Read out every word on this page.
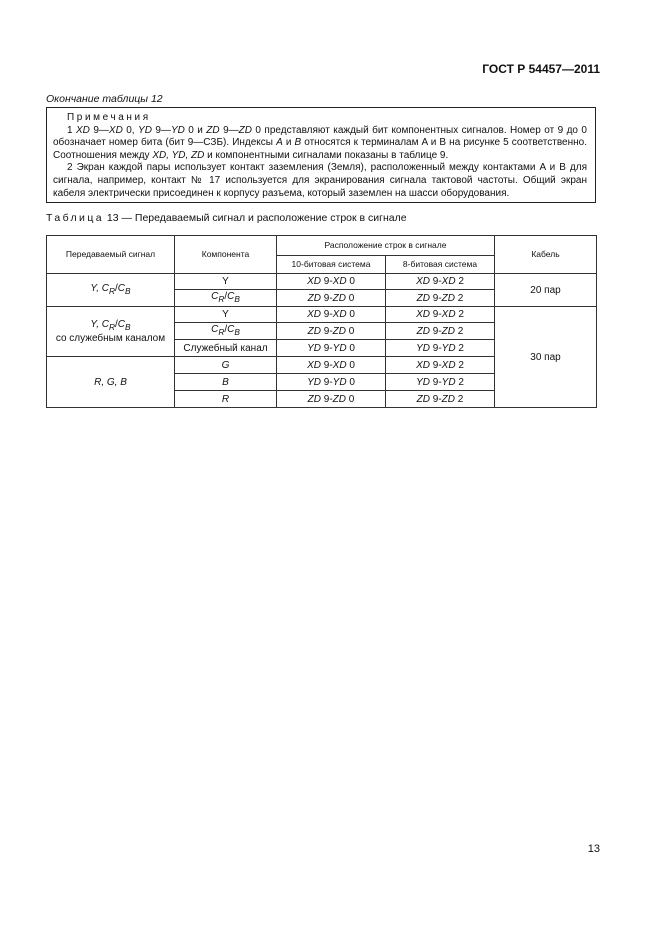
ГОСТ Р 54457—2011
Окончание таблицы 12

Примечания

1 XD 9—XD 0, YD 9—YD 0 и ZD 9—ZD 0 представляют каждый бит компонентных сигналов. Номер от 9 до 0 обозначает номер бита (бит 9—СЗБ). Индексы A и B относятся к терминалам A и B на рисунке 5 соответственно. Соотношения между XD, YD, ZD и компонентными сигналами показаны в таблице 9.

2 Экран каждой пары использует контакт заземления (Земля), расположенный между контактами A и B для сигнала, например, контакт № 17 используется для экранирования сигнала тактовой частоты. Общий экран кабеля электрически присоединен к корпусу разъема, который заземлен на шасси оборудования.

Таблица 13 — Передаваемый сигнал и расположение строк в сигнале
Передаваемый сигнал	Компонента	Расположение строк в сигнале		Кабель
		10-битовая система	8-битовая система	
Y, $C_R/C_B$	Y	XD 9-XD 0	XD 9-XD 2	20 пар
	$C_R/C_B$	ZD 9-ZD 0	ZD 9-ZD 2	
Y, $C_R/C_B$
со служебным каналом	Y	XD 9-XD 0	XD 9-XD 2	30 пар
	$C_R/C_B$	ZD 9-ZD 0	ZD 9-ZD 2	
	Служебный канал	YD 9-YD 0	YD 9-YD 2	
R, G, B	G	XD 9-XD 0	XD 9-XD 2	
	B	YD 9-YD 0	YD 9-YD 2	
	R	ZD 9-ZD 0	ZD 9-ZD 2	
13
